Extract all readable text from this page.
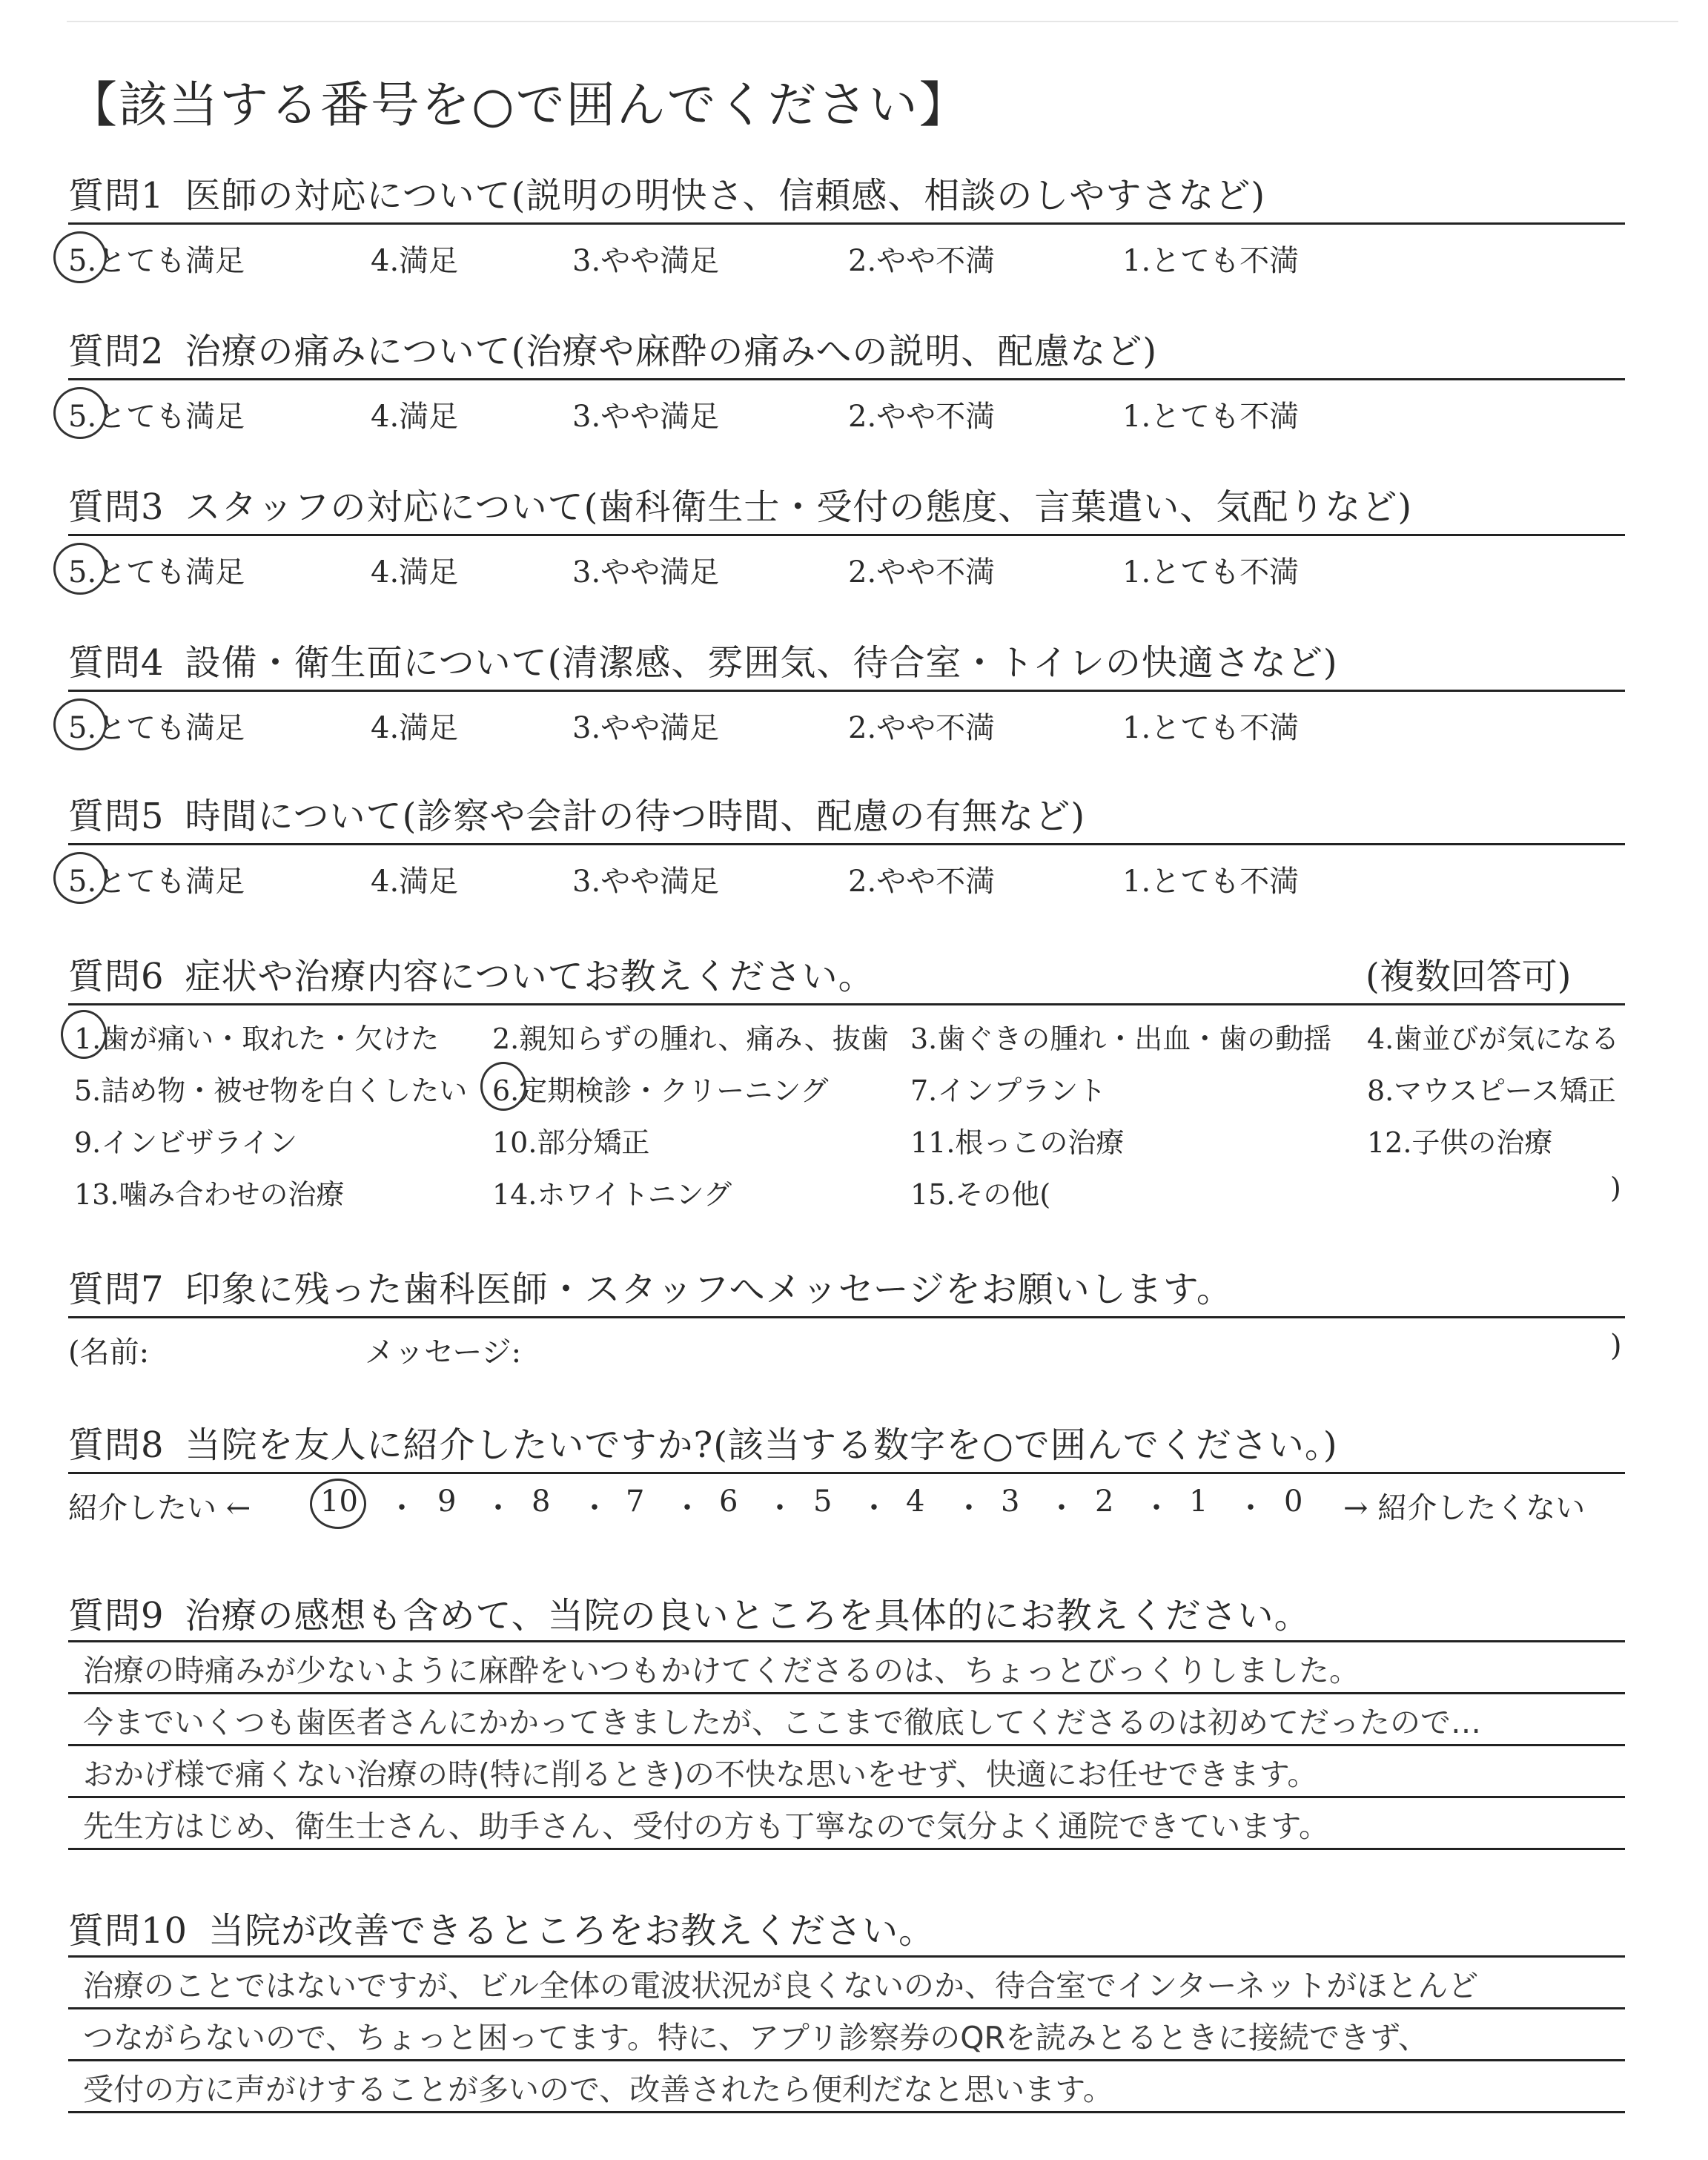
【該当する番号を○で囲んでください】
質問1 医師の対応について(説明の明快さ、信頼感、相談のしやすさなど)
5.とても満足	4.満足	3.やや満足	2.やや不満	1.とても不満
質問2 治療の痛みについて(治療や麻酔の痛みへの説明、配慮など)
5.とても満足	4.満足	3.やや満足	2.やや不満	1.とても不満
質問3 スタッフの対応について(歯科衛生士・受付の態度、言葉遣い、気配りなど)
5.とても満足	4.満足	3.やや満足	2.やや不満	1.とても不満
質問4 設備・衛生面について(清潔感、雰囲気、待合室・トイレの快適さなど)
5.とても満足	4.満足	3.やや満足	2.やや不満	1.とても不満
質問5 時間について(診察や会計の待つ時間、配慮の有無など)
5.とても満足	4.満足	3.やや満足	2.やや不満	1.とても不満
質問6 症状や治療内容についてお教えください。	(複数回答可)
1.歯が痛い・取れた・欠けた 2.親知らずの腫れ、痛み、抜歯 3.歯ぐきの腫れ・出血・歯の動揺 4.歯並びが気になる
5.詰め物・被せ物を白くしたい 6.定期検診・クリーニング	7.インプラント	8.マウスピース矯正
9.インビザライン	10.部分矯正	11.根っこの治療	12.子供の治療
13.噛み合わせの治療	14.ホワイトニング	15.その他(	)
質問7 印象に残った歯科医師・スタッフへメッセージをお願いします。
(名前:	メッセージ:	)
質問8 当院を友人に紹介したいですか?(該当する数字を○で囲んでください。)
紹介したい ← 10 ・ 9 ・ 8 ・ 7 ・ 6 ・ 5 ・ 4 ・ 3 ・ 2 ・ 1 ・ 0 → 紹介したくない
質問9 治療の感想も含めて、当院の良いところを具体的にお教えください。
治療の時痛みが少ないように麻酔をいつもかけてくださるのは、ちょっとびっくりしました。
今までいくつも歯医者さんにかかってきましたが、ここまで徹底してくださるのは初めてだったので…
おかげ様で痛くない治療の時(特に削るとき)の不快な思いをせず、快適にお任せできます。
先生方はじめ、衛生士さん、助手さん、受付の方も丁寧なので気分よく通院できています。
質問10 当院が改善できるところをお教えください。
治療のことではないですが、ビル全体の電波状況が良くないのか、待合室でインターネットがほとんど
つながらないので、ちょっと困ってます。特に、アプリ診察券のQRを読みとるときに接続できず、
受付の方に声がけすることが多いので、改善されたら便利だなと思います。
